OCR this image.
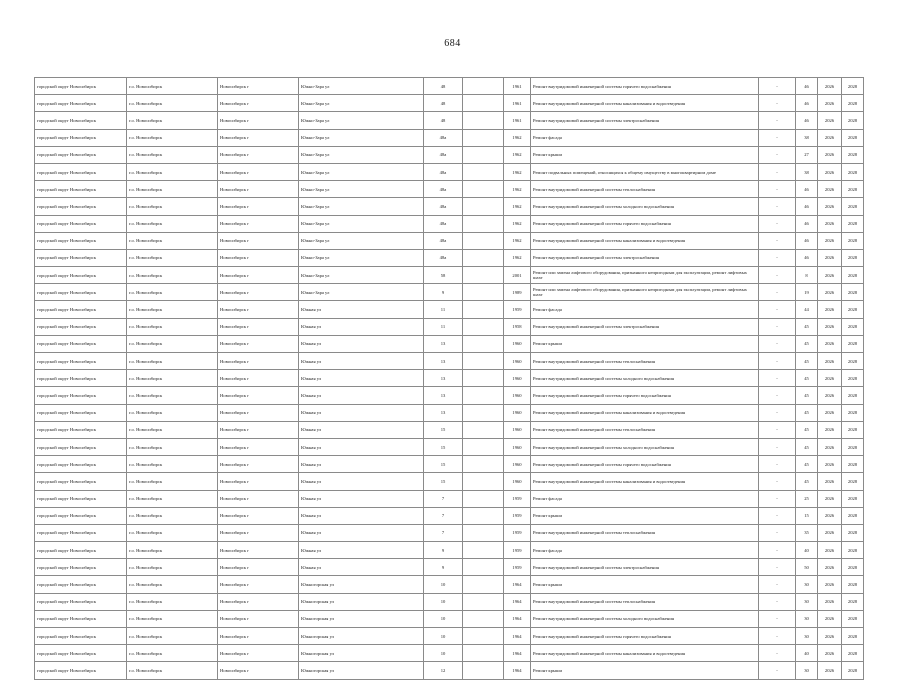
684
городской округ Новосибирск	г.о. Новосибирск	Новосибирск г	Южно-Зара ул	48		1961	Ремонт внутридомовой инженерной системы горячего водоснабжения	-	46	2026	2028
городской округ Новосибирск	г.о. Новосибирск	Новосибирск г	Южно-Зара ул	48		1961	Ремонт внутридомовой инженерной системы канализования и водоотведения	-	46	2026	2028
городской округ Новосибирск	г.о. Новосибирск	Новосибирск г	Южно-Зара ул	48		1961	Ремонт внутридомовой инженерной системы электроснабжения	-	46	2026	2028
городской округ Новосибирск	г.о. Новосибирск	Новосибирск г	Южно-Зара ул	48а		1962	Ремонт фасада	-	38	2026	2028
городской округ Новосибирск	г.о. Новосибирск	Новосибирск г	Южно-Зара ул	48а		1962	Ремонт крыши	-	27	2026	2028
городской округ Новосибирск	г.о. Новосибирск	Новосибирск г	Южно-Зара ул	48а		1962	Ремонт подвальных помещений, относящихся к общему имуществу в многоквартирном доме	-	38	2026	2028
городской округ Новосибирск	г.о. Новосибирск	Новосибирск г	Южно-Зара ул	48а		1962	Ремонт внутридомовой инженерной системы теплоснабжения	-	46	2026	2028
городской округ Новосибирск	г.о. Новосибирск	Новосибирск г	Южно-Зара ул	48а		1962	Ремонт внутридомовой инженерной системы холодного водоснабжения	-	46	2026	2028
городской округ Новосибирск	г.о. Новосибирск	Новосибирск г	Южно-Зара ул	48а		1962	Ремонт внутридомовой инженерной системы горячего водоснабжения	-	46	2026	2028
городской округ Новосибирск	г.о. Новосибирск	Новосибирск г	Южно-Зара ул	48а		1962	Ремонт внутридомовой инженерной системы канализования и водоотведения	-	46	2026	2028
городской округ Новосибирск	г.о. Новосибирск	Новосибирск г	Южно-Зара ул	48а		1962	Ремонт внутридомовой инженерной системы электроснабжения	-	46	2026	2028
городской округ Новосибирск	г.о. Новосибирск	Новосибирск г	Южно-Зара ул	58		2001	Ремонт или замена лифтового оборудования, признанного непригодным для эксплуатации, ремонт лифтовых шахт	-	8	2026	2028
городской округ Новосибирск	г.о. Новосибирск	Новосибирск г	Южно-Зара ул	9		1989	Ремонт или замена лифтового оборудования, признанного непригодным для эксплуатации, ремонт лифтовых шахт	-	19	2026	2028
городской округ Новосибирск	г.о. Новосибирск	Новосибирск г	Южная ул	11		1959	Ремонт фасада	-	44	2026	2028
городской округ Новосибирск	г.о. Новосибирск	Новосибирск г	Южная ул	11		1958	Ремонт внутридомовой инженерной системы электроснабжения	-	45	2026	2028
городской округ Новосибирск	г.о. Новосибирск	Новосибирск г	Южная ул	13		1960	Ремонт крыши	-	45	2026	2028
городской округ Новосибирск	г.о. Новосибирск	Новосибирск г	Южная ул	13		1960	Ремонт внутридомовой инженерной системы теплоснабжения	-	45	2026	2028
городской округ Новосибирск	г.о. Новосибирск	Новосибирск г	Южная ул	13		1960	Ремонт внутридомовой инженерной системы холодного водоснабжения	-	45	2026	2028
городской округ Новосибирск	г.о. Новосибирск	Новосибирск г	Южная ул	13		1960	Ремонт внутридомовой инженерной системы горячего водоснабжения	-	45	2026	2028
городской округ Новосибирск	г.о. Новосибирск	Новосибирск г	Южная ул	13		1960	Ремонт внутридомовой инженерной системы канализования и водоотведения	-	45	2026	2028
городской округ Новосибирск	г.о. Новосибирск	Новосибирск г	Южная ул	15		1960	Ремонт внутридомовой инженерной системы теплоснабжения	-	45	2026	2028
городской округ Новосибирск	г.о. Новосибирск	Новосибирск г	Южная ул	15		1960	Ремонт внутридомовой инженерной системы холодного водоснабжения	-	45	2026	2028
городской округ Новосибирск	г.о. Новосибирск	Новосибирск г	Южная ул	15		1960	Ремонт внутридомовой инженерной системы горячего водоснабжения	-	45	2026	2028
городской округ Новосибирск	г.о. Новосибирск	Новосибирск г	Южная ул	15		1960	Ремонт внутридомовой инженерной системы канализования и водоотведения	-	45	2026	2028
городской округ Новосибирск	г.о. Новосибирск	Новосибирск г	Южная ул	7		1959	Ремонт фасада	-	25	2026	2028
городской округ Новосибирск	г.о. Новосибирск	Новосибирск г	Южная ул	7		1959	Ремонт крыши	-	15	2026	2028
городской округ Новосибирск	г.о. Новосибирск	Новосибирск г	Южная ул	7		1959	Ремонт внутридомовой инженерной системы теплоснабжения	-	35	2026	2028
городской округ Новосибирск	г.о. Новосибирск	Новосибирск г	Южная ул	9		1959	Ремонт фасада	-	40	2026	2028
городской округ Новосибирск	г.о. Новосибирск	Новосибирск г	Южная ул	9		1959	Ремонт внутридомовой инженерной системы электроснабжения	-	50	2026	2028
городской округ Новосибирск	г.о. Новосибирск	Новосибирск г	Южногорская ул	10		1964	Ремонт крыши	-	30	2026	2028
городской округ Новосибирск	г.о. Новосибирск	Новосибирск г	Южногорская ул	10		1964	Ремонт внутридомовой инженерной системы теплоснабжения	-	30	2026	2028
городской округ Новосибирск	г.о. Новосибирск	Новосибирск г	Южногорская ул	10		1964	Ремонт внутридомовой инженерной системы холодного водоснабжения	-	30	2026	2028
городской округ Новосибирск	г.о. Новосибирск	Новосибирск г	Южногорская ул	10		1964	Ремонт внутридомовой инженерной системы горячего водоснабжения	-	30	2026	2028
городской округ Новосибирск	г.о. Новосибирск	Новосибирск г	Южногорская ул	10		1964	Ремонт внутридомовой инженерной системы канализования и водоотведения	-	40	2026	2028
городской округ Новосибирск	г.о. Новосибирск	Новосибирск г	Южногорская ул	12		1964	Ремонт крыши	-	30	2026	2028
